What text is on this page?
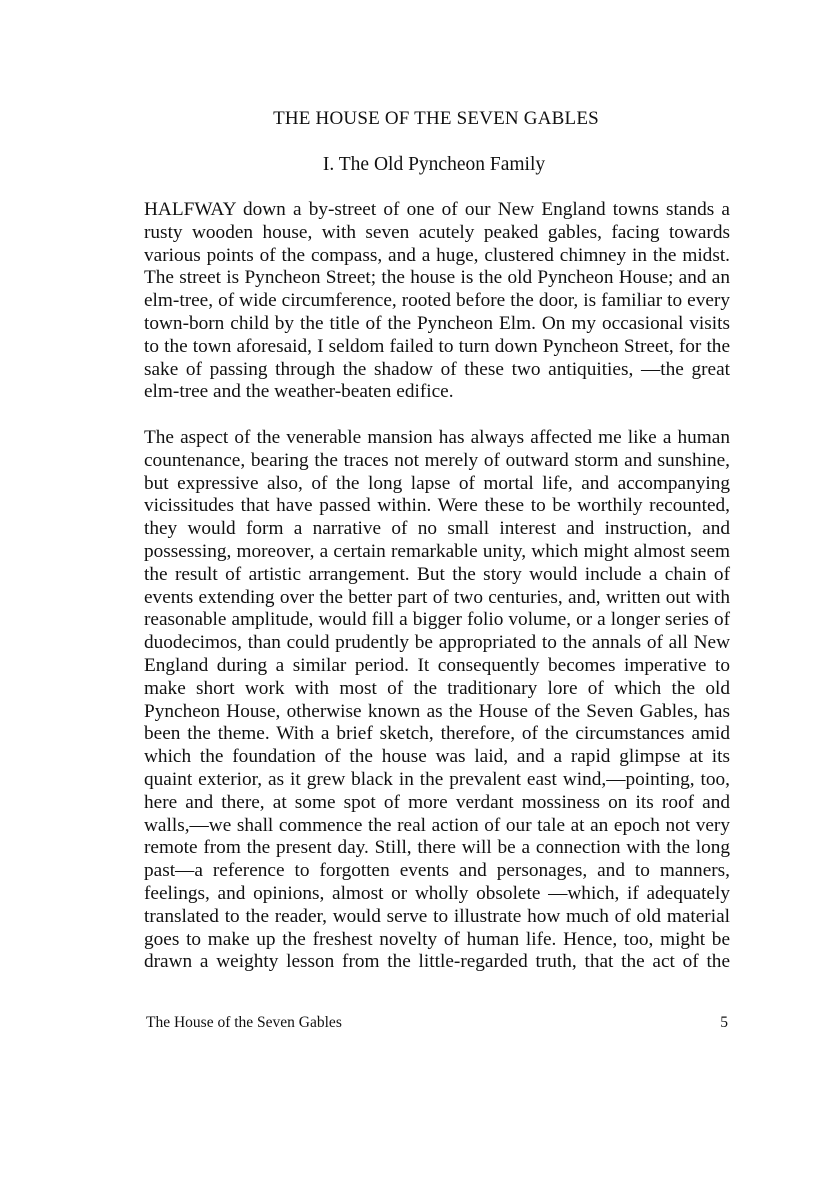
THE HOUSE OF THE SEVEN GABLES
I. The Old Pyncheon Family

HALFWAY down a by-street of one of our New England towns stands a rusty wooden house, with seven acutely peaked gables, facing towards various points of the compass, and a huge, clustered chimney in the midst. The street is Pyncheon Street; the house is the old Pyncheon House; and an elm-tree, of wide circumference, rooted before the door, is familiar to every town-born child by the title of the Pyncheon Elm. On my occasional visits to the town aforesaid, I seldom failed to turn down Pyncheon Street, for the sake of passing through the shadow of these two antiquities, —the great elm-tree and the weather-beaten edifice.

The aspect of the venerable mansion has always affected me like a human countenance, bearing the traces not merely of outward storm and sunshine, but expressive also, of the long lapse of mortal life, and accompanying vicissitudes that have passed within. Were these to be worthily recounted, they would form a narrative of no small interest and instruction, and possessing, moreover, a certain remarkable unity, which might almost seem the result of artistic arrangement. But the story would include a chain of events extending over the better part of two centuries, and, written out with reasonable amplitude, would fill a bigger folio volume, or a longer series of duodecimos, than could prudently be appropriated to the annals of all New England during a similar period. It consequently becomes imperative to make short work with most of the traditionary lore of which the old Pyncheon House, otherwise known as the House of the Seven Gables, has been the theme. With a brief sketch, therefore, of the circumstances amid which the foundation of the house was laid, and a rapid glimpse at its quaint exterior, as it grew black in the prevalent east wind,—pointing, too, here and there, at some spot of more verdant mossiness on its roof and walls,—we shall commence the real action of our tale at an epoch not very remote from the present day. Still, there will be a connection with the long past—a reference to forgotten events and personages, and to manners, feelings, and opinions, almost or wholly obsolete —which, if adequately translated to the reader, would serve to illustrate how much of old material goes to make up the freshest novelty of human life. Hence, too, might be drawn a weighty lesson from the little-regarded truth, that the act of the

The House of the Seven Gables	5
